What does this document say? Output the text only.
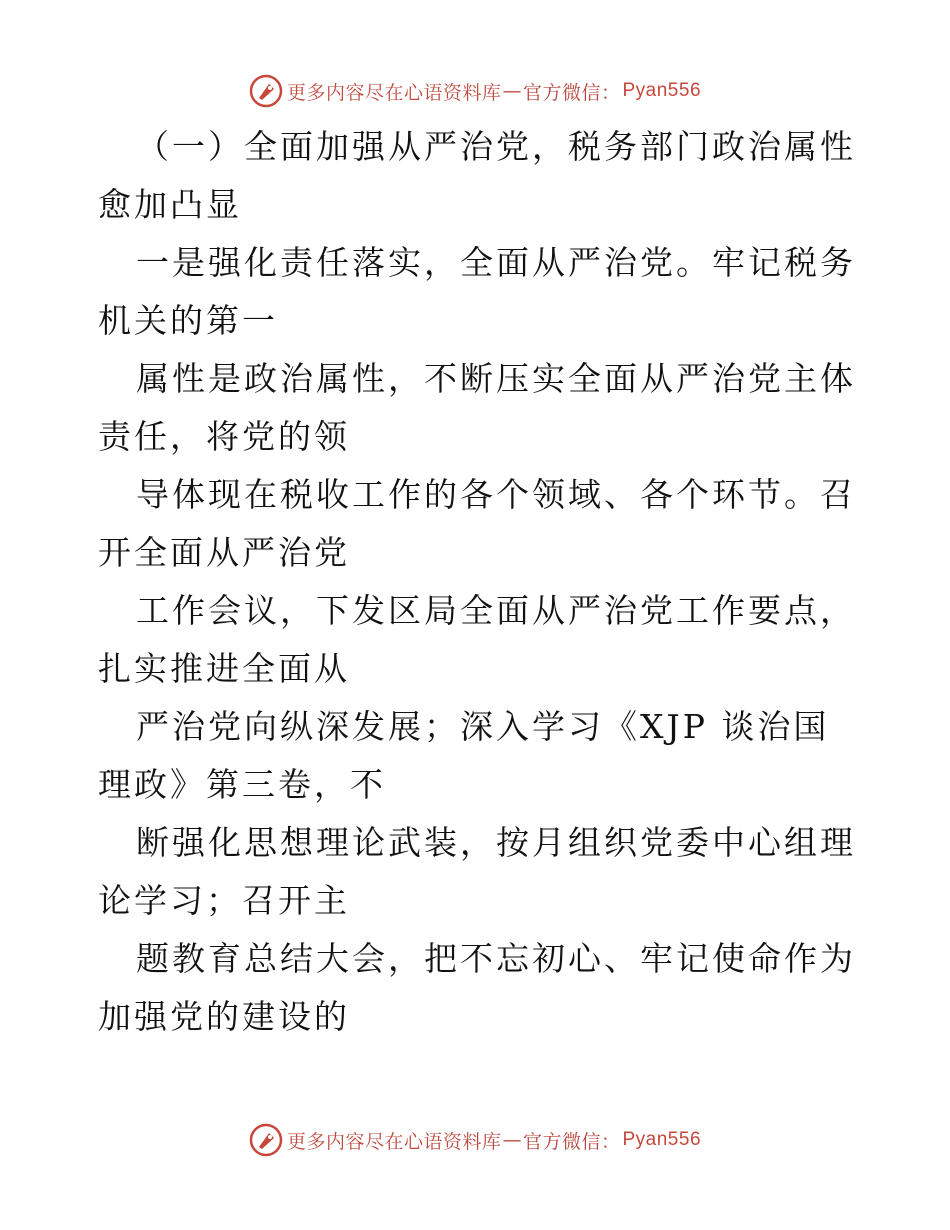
更多内容尽在心语资料库 — 官方微信： Pyan556

（一）全面加强从严治党，税务部门政治属性愈加凸显

一是强化责任落实，全面从严治党。牢记税务机关的第一

属性是政治属性，不断压实全面从严治党主体责任，将党的领

导体现在税收工作的各个领域、各个环节。召开全面从严治党

工作会议，下发区局全面从严治党工作要点，扎实推进全面从

严治党向纵深发展；深入学习《XJP 谈治国理政》第三卷，不

断强化思想理论武装，按月组织党委中心组理论学习；召开主

题教育总结大会，把不忘初心、牢记使命作为加强党的建设的

更多内容尽在心语资料库 — 官方微信： Pyan556
